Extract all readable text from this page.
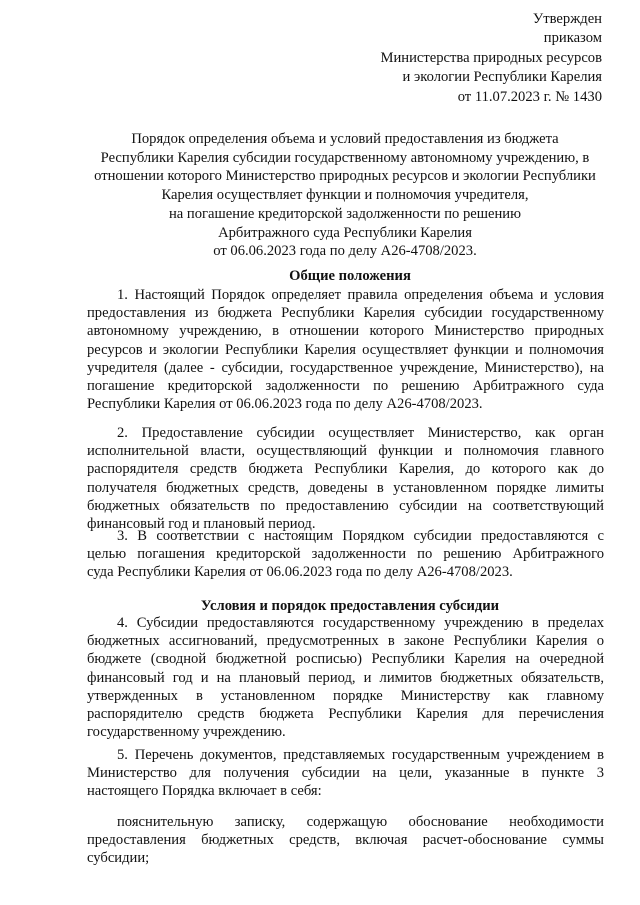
Утвержден
приказом
Министерства природных ресурсов
и экологии Республики Карелия
от 11.07.2023 г. № 1430
Порядок определения объема и условий предоставления из бюджета
Республики Карелия субсидии государственному автономному учреждению, в
отношении которого Министерство природных ресурсов и экологии Республики
Карелия осуществляет функции и полномочия учредителя,
на погашение кредиторской задолженности по решению
Арбитражного суда Республики Карелия
от 06.06.2023 года по делу А26-4708/2023.
Общие положения
1. Настоящий Порядок определяет правила определения объема и условия
предоставления из бюджета Республики Карелия субсидии государственному
автономному учреждению, в отношении которого Министерство природных
ресурсов и экологии Республики Карелия осуществляет функции и полномочия
учредителя (далее - субсидии, государственное учреждение, Министерство), на
погашение кредиторской задолженности по решению Арбитражного суда
Республики Карелия от 06.06.2023 года по делу А26-4708/2023.
2. Предоставление субсидии осуществляет Министерство, как орган
исполнительной власти, осуществляющий функции и полномочия главного
распорядителя средств бюджета Республики Карелия, до которого как до
получателя бюджетных средств, доведены в установленном порядке лимиты
бюджетных обязательств по предоставлению субсидии на соответствующий
финансовый год и плановый период.
3. В соответствии с настоящим Порядком субсидии предоставляются с
целью погашения кредиторской задолженности по решению Арбитражного
суда Республики Карелия от 06.06.2023 года по делу А26-4708/2023.
Условия и порядок предоставления субсидии
4. Субсидии предоставляются государственному учреждению в пределах
бюджетных ассигнований, предусмотренных в законе Республики Карелия о
бюджете (сводной бюджетной росписью) Республики Карелия на очередной
финансовый год и на плановый период, и лимитов бюджетных обязательств,
утвержденных в установленном порядке Министерству как главному
распорядителю средств бюджета Республики Карелия для перечисления
государственному учреждению.
5. Перечень документов, представляемых государственным учреждением в
Министерство для получения субсидии на цели, указанные в пункте 3
настоящего Порядка включает в себя:
пояснительную записку, содержащую обоснование необходимости
предоставления бюджетных средств, включая расчет-обоснование суммы
субсидии;
